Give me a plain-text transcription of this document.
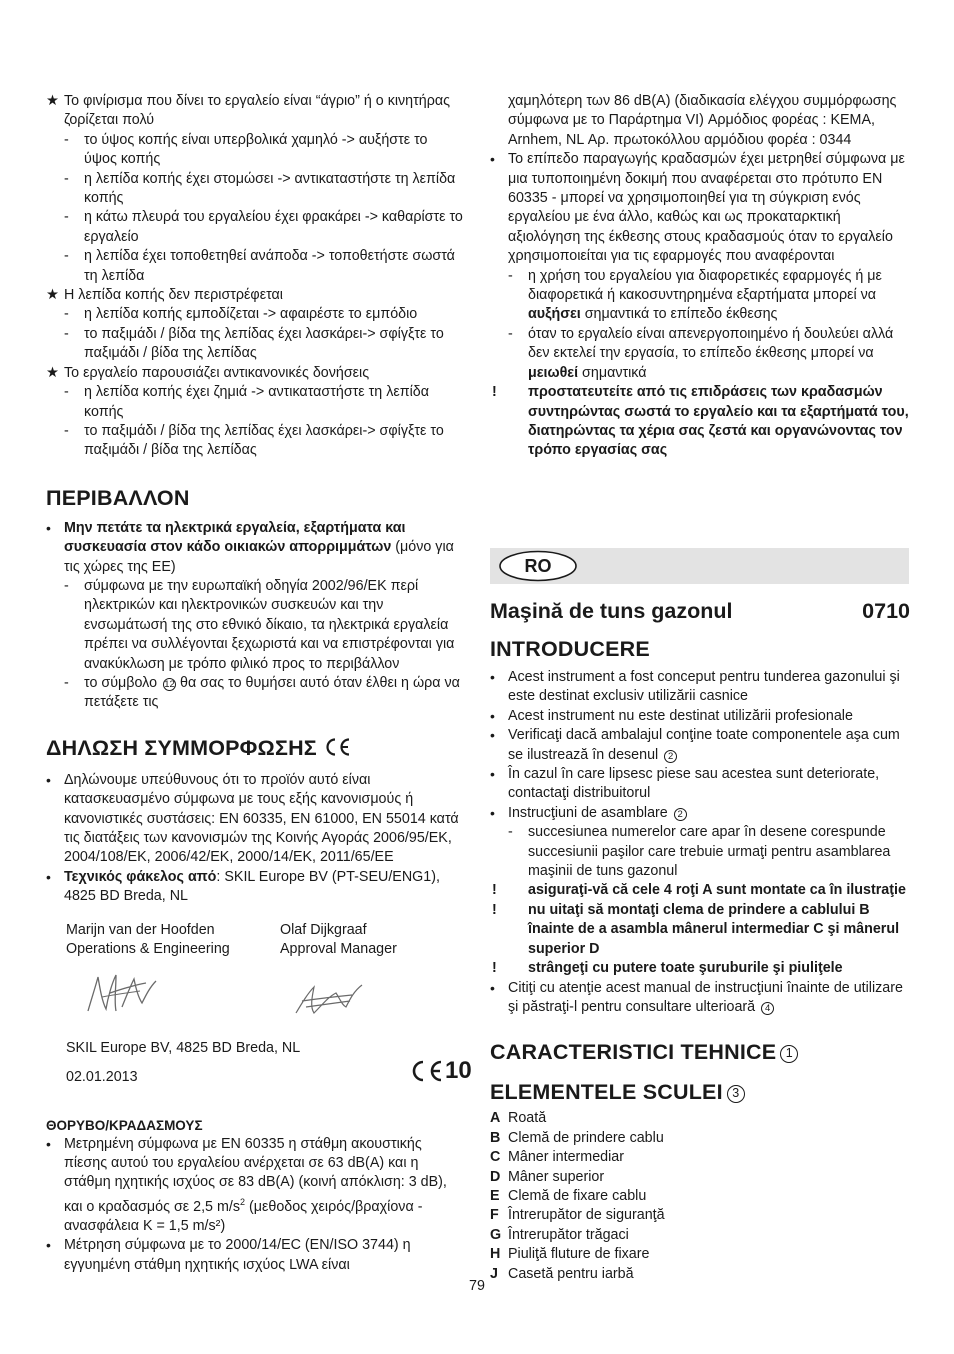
★ Το φινίρισμα που δίνει το εργαλείο είναι “άγριο” ή ο κινητήρας ζορίζεται πολύ
-	το ύψος κοπής είναι υπερβολικά χαμηλό -> αυξήστε το ύψος κοπής
-	η λεπίδα κοπής έχει στομώσει -> αντικαταστήστε τη λεπίδα κοπής
-	η κάτω πλευρά του εργαλείου έχει φρακάρει -> καθαρίστε το εργαλείο
-	η λεπίδα έχει τοποθετηθεί ανάποδα -> τοποθετήστε σωστά τη λεπίδα
★ Η λεπίδα κοπής δεν περιστρέφεται
-	η λεπίδα κοπής εμποδίζεται -> αφαιρέστε το εμπόδιο
-	το παξιμάδι / βίδα της λεπίδας έχει λασκάρει-> σφίγξτε το παξιμάδι / βίδα της λεπίδας
★ Το εργαλείο παρουσιάζει αντικανονικές δονήσεις
-	η λεπίδα κοπής έχει ζημιά -> αντικαταστήστε τη λεπίδα κοπής
-	το παξιμάδι / βίδα της λεπίδας έχει λασκάρει-> σφίγξτε το παξιμάδι / βίδα της λεπίδας
ΠΕΡΙΒΑΛΛΟΝ
• Μην πετάτε τα ηλεκτρικά εργαλεία, εξαρτήματα και συσκευασία στον κάδο οικιακών απορριμμάτων (μόνο για τις χώρες της ΕΕ)
-	σύμφωνα με την ευρωπαϊκή οδηγία 2002/96/ΕΚ περί ηλεκτρικών και ηλεκτρονικών συσκευών και την ενσωμάτωσή της στο εθνικό δίκαιο, τα ηλεκτρικά εργαλεία πρέπει να συλλέγονται ξεχωριστά και να επιστρέφονται για ανακύκλωση με τρόπο φιλικό προς το περιβάλλον
-	το σύμβολο 12 θα σας το θυμήσει αυτό όταν έλθει η ώρα να πετάξετε τις
ΔΗΛΩΣΗ ΣΥΜΜΟΡΦΩΣΗΣ
• Δηλώνουμε υπεύθυνους ότι το προϊόν αυτό είναι κατασκευασμένο σύμφωνα με τους εξής κανονισμούς ή κανονιστικές συστάσεις: EN 60335, EN 61000, EN 55014 κατά τις διατάξεις των κανονισμών της Κοινής Αγοράς 2006/95/ΕΚ, 2004/108/ΕΚ, 2006/42/ΕΚ, 2000/14/ΕΚ, 2011/65/ΕΕ
• Τεχνικός φάκελος από: SKIL Europe BV (PT-SEU/ENG1), 4825 BD Breda, NL
Marijn van der Hoofden
Operations & Engineering
Olaf Dijkgraaf
Approval Manager
SKIL Europe BV, 4825 BD Breda, NL
02.01.2013	10
ΘΟΡΥΒΟ/ΚΡΑΔΑΣΜΟΥΣ
• Μετρημένη σύμφωνα με EN 60335 η στάθμη ακουστικής πίεσης αυτού του εργαλείου ανέρχεται σε 63 dB(A) και η στάθμη ηχητικής ισχύος σε 83 dB(A) (κοινή απόκλιση: 3 dB), και ο κραδασμός σε 2,5 $m/s^2$ (μεθοδος χειρός/βραχίονα - ανασφάλεια K = 1,5 m/s²)
• Μέτρηση σύμφωνα με το 2000/14/EC (EN/ISO 3744) η εγγυημένη στάθμη ηχητικής ισχύος LWA είναι
χαμηλότερη των 86 dB(A) (διαδικασία ελέγχου συμμόρφωσης σύμφωνα με το Παράρτημα VI) Αρμόδιος φορέας : KEMA, Arnhem, NL Αρ. πρωτοκόλλου αρμόδιου φορέα : 0344
• Το επίπεδο παραγωγής κραδασμών έχει μετρηθεί σύμφωνα με μια τυποποιημένη δοκιμή που αναφέρεται στο πρότυπο EN 60335 - μπορεί να χρησιμοποιηθεί για τη σύγκριση ενός εργαλείου με ένα άλλο, καθώς και ως προκαταρκτική αξιολόγηση της έκθεσης στους κραδασμούς όταν το εργαλείο χρησιμοποιείται για τις εφαρμογές που αναφέρονται
-	η χρήση του εργαλείου για διαφορετικές εφαρμογές ή με διαφορετικά ή κακοσυντηρημένα εξαρτήματα μπορεί να αυξήσει σημαντικά το επίπεδο έκθεσης
-	όταν το εργαλείο είναι απενεργοποιημένο ή δουλεύει αλλά δεν εκτελεί την εργασία, το επίπεδο έκθεσης μπορεί να μειωθεί σημαντικά
!	προστατευτείτε από τις επιδράσεις των κραδασμών συντηρώντας σωστά το εργαλείο και τα εξαρτήματά του, διατηρώντας τα χέρια σας ζεστά και οργανώνοντας τον τρόπο εργασίας σας
RO
Maşină de tuns gazonul	0710
INTRODUCERE
• Acest instrument a fost conceput pentru tunderea gazonului şi este destinat exclusiv utilizării casnice
• Acest instrument nu este destinat utilizării profesionale
• Verificaţi dacă ambalajul conţine toate componentele aşa cum se ilustrează în desenul 2
• În cazul în care lipsesc piese sau acestea sunt deteriorate, contactaţi distribuitorul
• Instrucţiuni de asamblare 2
-	succesiunea numerelor care apar în desene corespunde succesiunii paşilor care trebuie urmaţi pentru asamblarea maşinii de tuns gazonul
!	asiguraţi-vă că cele 4 roţi A sunt montate ca în ilustraţie
!	nu uitaţi să montaţi clema de prindere a cablului B înainte de a asambla mânerul intermediar C şi mânerul superior D
!	strângeţi cu putere toate şuruburile şi piuliţele
• Citiţi cu atenţie acest manual de instrucţiuni înainte de utilizare şi păstraţi-l pentru consultare ulterioară 4
CARACTERISTICI TEHNICE 1
ELEMENTELE SCULEI 3
A Roată
B Clemă de prindere cablu
C Mâner intermediar
D Mâner superior
E Clemă de fixare cablu
F Întrerupător de siguranţă
G Întrerupător trăgaci
H Piuliţă fluture de fixare
J Casetă pentru iarbă
79
